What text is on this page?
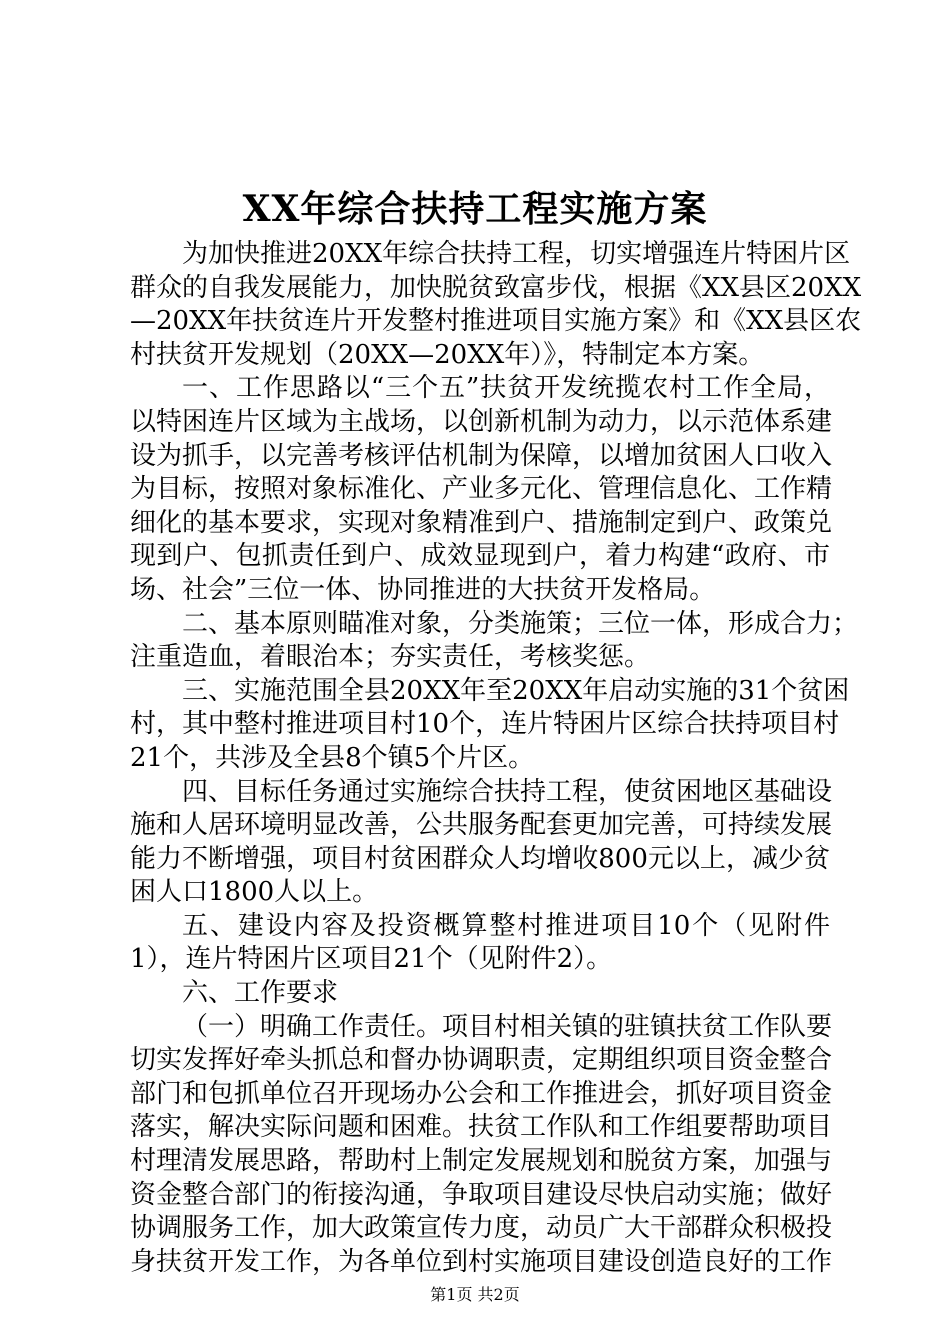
XX年综合扶持工程实施方案
为加快推进20XX年综合扶持工程，切实增强连片特困片区
群众的自我发展能力，加快脱贫致富步伐，根据《XX县区20XX
—20XX年扶贫连片开发整村推进项目实施方案》和《XX县区农
村扶贫开发规划（20XX—20XX年）》，特制定本方案。
一、工作思路以“三个五”扶贫开发统揽农村工作全局，
以特困连片区域为主战场，以创新机制为动力，以示范体系建
设为抓手，以完善考核评估机制为保障，以增加贫困人口收入
为目标，按照对象标准化、产业多元化、管理信息化、工作精
细化的基本要求，实现对象精准到户、措施制定到户、政策兑
现到户、包抓责任到户、成效显现到户，着力构建“政府、市
场、社会”三位一体、协同推进的大扶贫开发格局。
二、基本原则瞄准对象，分类施策；三位一体，形成合力；
注重造血，着眼治本；夯实责任，考核奖惩。
三、实施范围全县20XX年至20XX年启动实施的31个贫困
村，其中整村推进项目村10个，连片特困片区综合扶持项目村
21个，共涉及全县8个镇5个片区。
四、目标任务通过实施综合扶持工程，使贫困地区基础设
施和人居环境明显改善，公共服务配套更加完善，可持续发展
能力不断增强，项目村贫困群众人均增收800元以上，减少贫
困人口1800人以上。
五、建设内容及投资概算整村推进项目10个（见附件
1），连片特困片区项目21个（见附件2）。
六、工作要求
（一）明确工作责任。项目村相关镇的驻镇扶贫工作队要
切实发挥好牵头抓总和督办协调职责，定期组织项目资金整合
部门和包抓单位召开现场办公会和工作推进会，抓好项目资金
落实，解决实际问题和困难。扶贫工作队和工作组要帮助项目
村理清发展思路，帮助村上制定发展规划和脱贫方案，加强与
资金整合部门的衔接沟通，争取项目建设尽快启动实施；做好
协调服务工作，加大政策宣传力度，动员广大干部群众积极投
身扶贫开发工作，为各单位到村实施项目建设创造良好的工作
第1页 共2页
